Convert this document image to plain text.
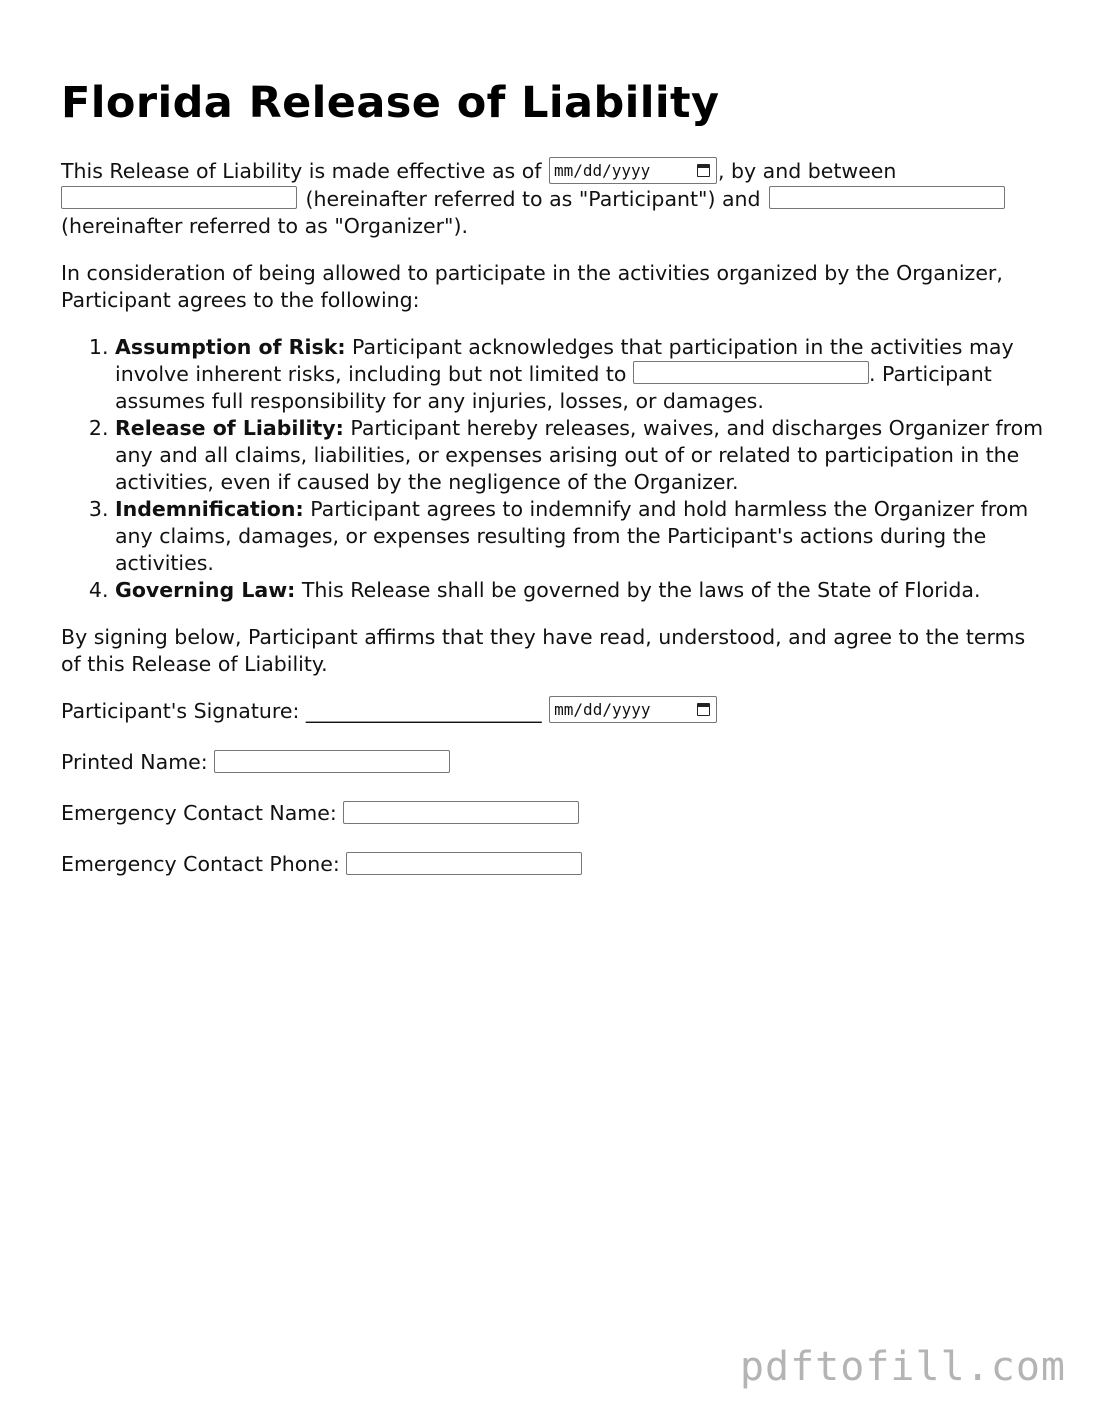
Florida Release of Liability

This Release of Liability is made effective as of mm/dd/yyyy	, by and between
(hereinafter referred to as "Participant") and
(hereinafter referred to as "Organizer").

In consideration of being allowed to participate in the activities organized by the Organizer, Participant agrees to the following:

1. Assumption of Risk: Participant acknowledges that participation in the activities may involve inherent risks, including but not limited to	. Participant assumes full responsibility for any injuries, losses, or damages.
2. Release of Liability: Participant hereby releases, waives, and discharges Organizer from any and all claims, liabilities, or expenses arising out of or related to participation in the activities, even if caused by the negligence of the Organizer.
3. Indemnification: Participant agrees to indemnify and hold harmless the Organizer from any claims, damages, or expenses resulting from the Participant's actions during the activities.
4. Governing Law: This Release shall be governed by the laws of the State of Florida.

By signing below, Participant affirms that they have read, understood, and agree to the terms of this Release of Liability.

Participant's Signature: _______________________ mm/dd/yyyy

Printed Name:

Emergency Contact Name:

Emergency Contact Phone:

pdftofill.com
